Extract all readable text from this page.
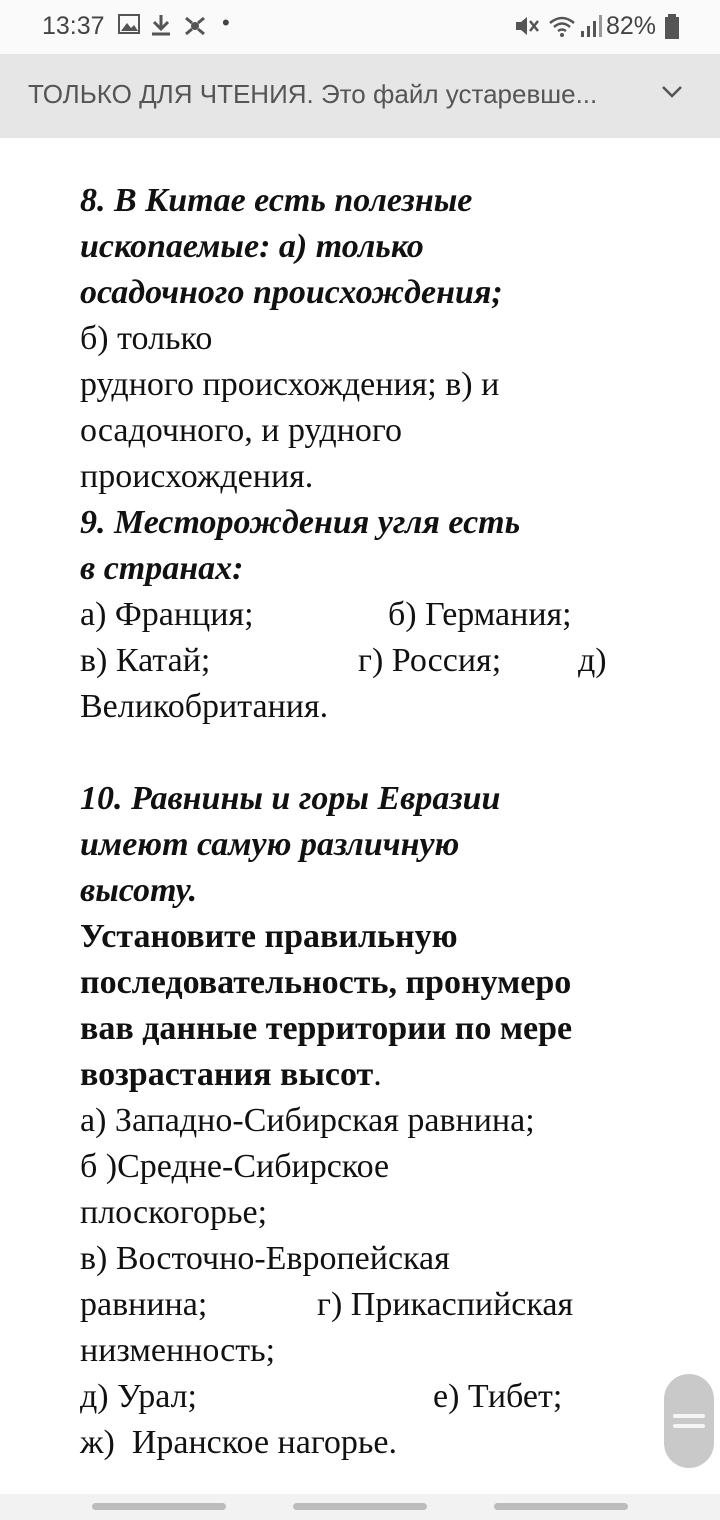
13:37	•	82%
ТОЛЬКО ДЛЯ ЧТЕНИЯ. Это файл устаревше...
8. В Китае есть полезные
ископаемые: а) только
осадочного происхождения;
б) только
рудного происхождения; в) и
осадочного, и рудного
происхождения.
9. Месторождения угля есть
в странах:
а) Франция;	б) Германия;
в) Катай;	г) Россия; д)
Великобритания.
10. Равнины и горы Евразии
имеют самую различную
высоту.
Установите правильную
последовательность, пронумеро
вав данные территории по мере
возрастания высот.
а) Западно-Сибирская равнина;
б )Средне-Сибирское
плоскогорье;
в) Восточно-Европейская
равнина;	г) Прикаспийская
низменность;
д) Урал;	е) Тибет;
ж)  Иранское нагорье.
